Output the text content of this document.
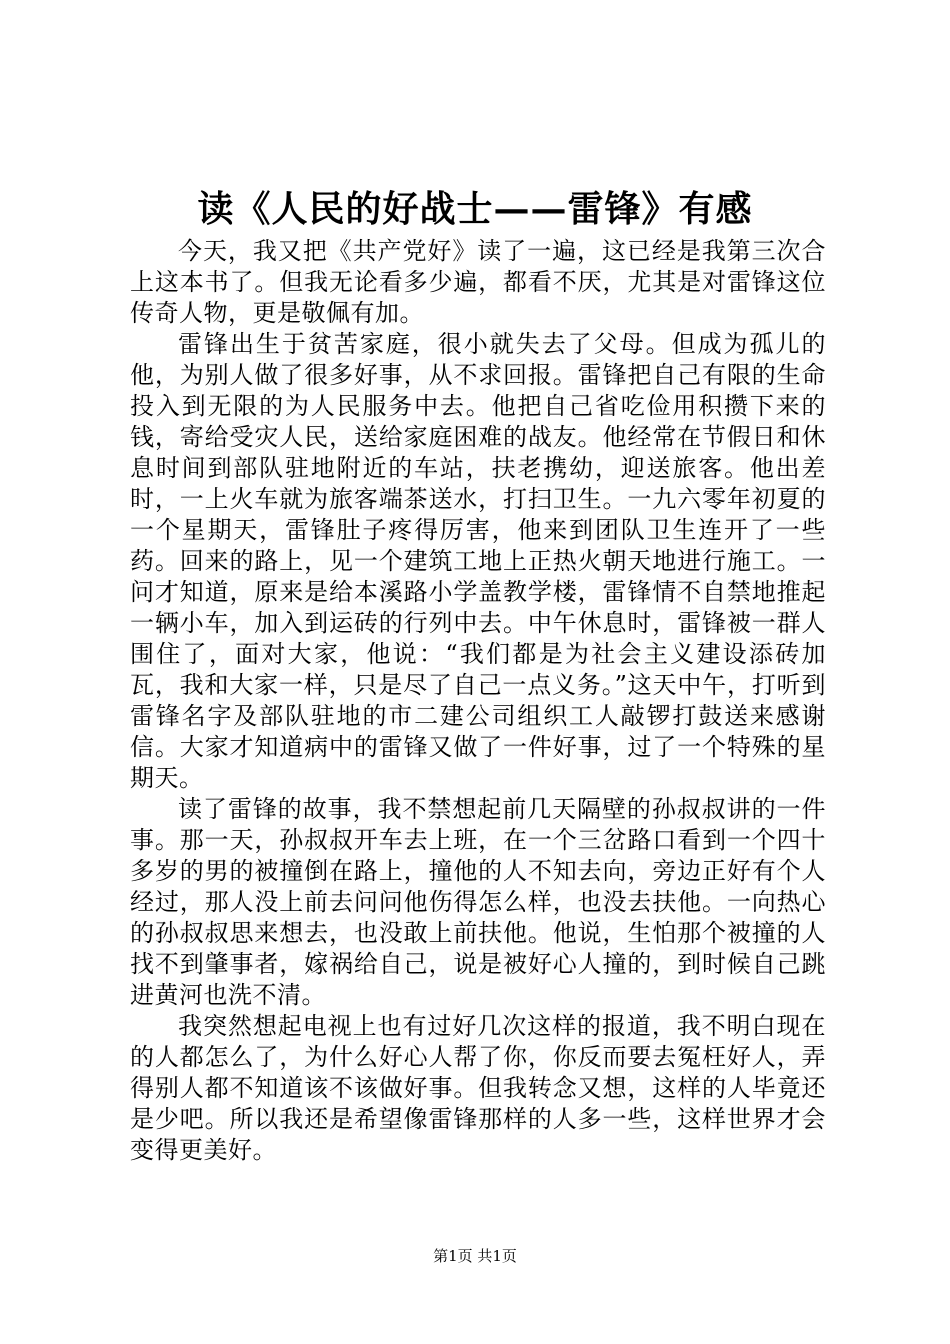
读《人民的好战士——雷锋》有感

今天，我又把《共产党好》读了一遍，这已经是我第三次合上这本书了。但我无论看多少遍，都看不厌，尤其是对雷锋这位传奇人物，更是敬佩有加。

雷锋出生于贫苦家庭，很小就失去了父母。但成为孤儿的他，为别人做了很多好事，从不求回报。雷锋把自己有限的生命投入到无限的为人民服务中去。他把自己省吃俭用积攒下来的钱，寄给受灾人民，送给家庭困难的战友。他经常在节假日和休息时间到部队驻地附近的车站，扶老携幼，迎送旅客。他出差时，一上火车就为旅客端茶送水，打扫卫生。一九六零年初夏的一个星期天，雷锋肚子疼得厉害，他来到团队卫生连开了一些药。回来的路上，见一个建筑工地上正热火朝天地进行施工。一问才知道，原来是给本溪路小学盖教学楼，雷锋情不自禁地推起一辆小车，加入到运砖的行列中去。中午休息时，雷锋被一群人围住了，面对大家，他说：“我们都是为社会主义建设添砖加瓦，我和大家一样，只是尽了自己一点义务。”这天中午，打听到雷锋名字及部队驻地的市二建公司组织工人敲锣打鼓送来感谢信。大家才知道病中的雷锋又做了一件好事，过了一个特殊的星期天。

读了雷锋的故事，我不禁想起前几天隔壁的孙叔叔讲的一件事。那一天，孙叔叔开车去上班，在一个三岔路口看到一个四十多岁的男的被撞倒在路上，撞他的人不知去向，旁边正好有个人经过，那人没上前去问问他伤得怎么样，也没去扶他。一向热心的孙叔叔思来想去，也没敢上前扶他。他说，生怕那个被撞的人找不到肇事者，嫁祸给自己，说是被好心人撞的，到时候自己跳进黄河也洗不清。

我突然想起电视上也有过好几次这样的报道，我不明白现在的人都怎么了，为什么好心人帮了你，你反而要去冤枉好人，弄得别人都不知道该不该做好事。但我转念又想，这样的人毕竟还是少吧。所以我还是希望像雷锋那样的人多一些，这样世界才会变得更美好。

第1页 共1页
